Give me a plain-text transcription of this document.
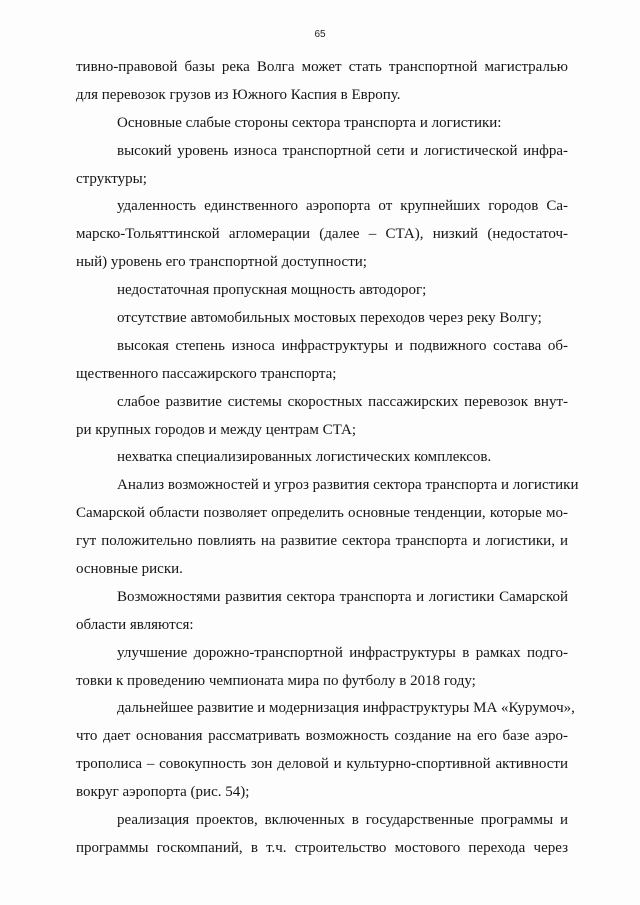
65
тивно-правовой базы река Волга может стать транспортной магистралью
для перевозок грузов из Южного Каспия в Европу.
Основные слабые стороны сектора транспорта и логистики:
высокий уровень износа транспортной сети и логистической инфра-
структуры;
удаленность единственного аэропорта от крупнейших городов Са-
марско-Тольяттинской агломерации (далее – СТА), низкий (недостаточ-
ный) уровень его транспортной доступности;
недостаточная пропускная мощность автодорог;
отсутствие автомобильных мостовых переходов через реку Волгу;
высокая степень износа инфраструктуры и подвижного состава об-
щественного пассажирского транспорта;
слабое развитие системы скоростных пассажирских перевозок внут-
ри крупных городов и между центрам СТА;
нехватка специализированных логистических комплексов.
Анализ возможностей и угроз развития сектора транспорта и логистики
Самарской области позволяет определить основные тенденции, которые мо-
гут положительно повлиять на развитие сектора транспорта и логистики, и
основные риски.
Возможностями развития сектора транспорта и логистики Самарской
области являются:
улучшение дорожно-транспортной инфраструктуры в рамках подго-
товки к проведению чемпионата мира по футболу в 2018 году;
дальнейшее развитие и модернизация инфраструктуры МА «Курумоч»,
что дает основания рассматривать возможность создание на его базе аэро-
трополиса – совокупность зон деловой и культурно-спортивной активности
вокруг аэропорта (рис. 54);
реализация проектов, включенных в государственные программы и
программы госкомпаний, в т.ч. строительство мостового перехода через
